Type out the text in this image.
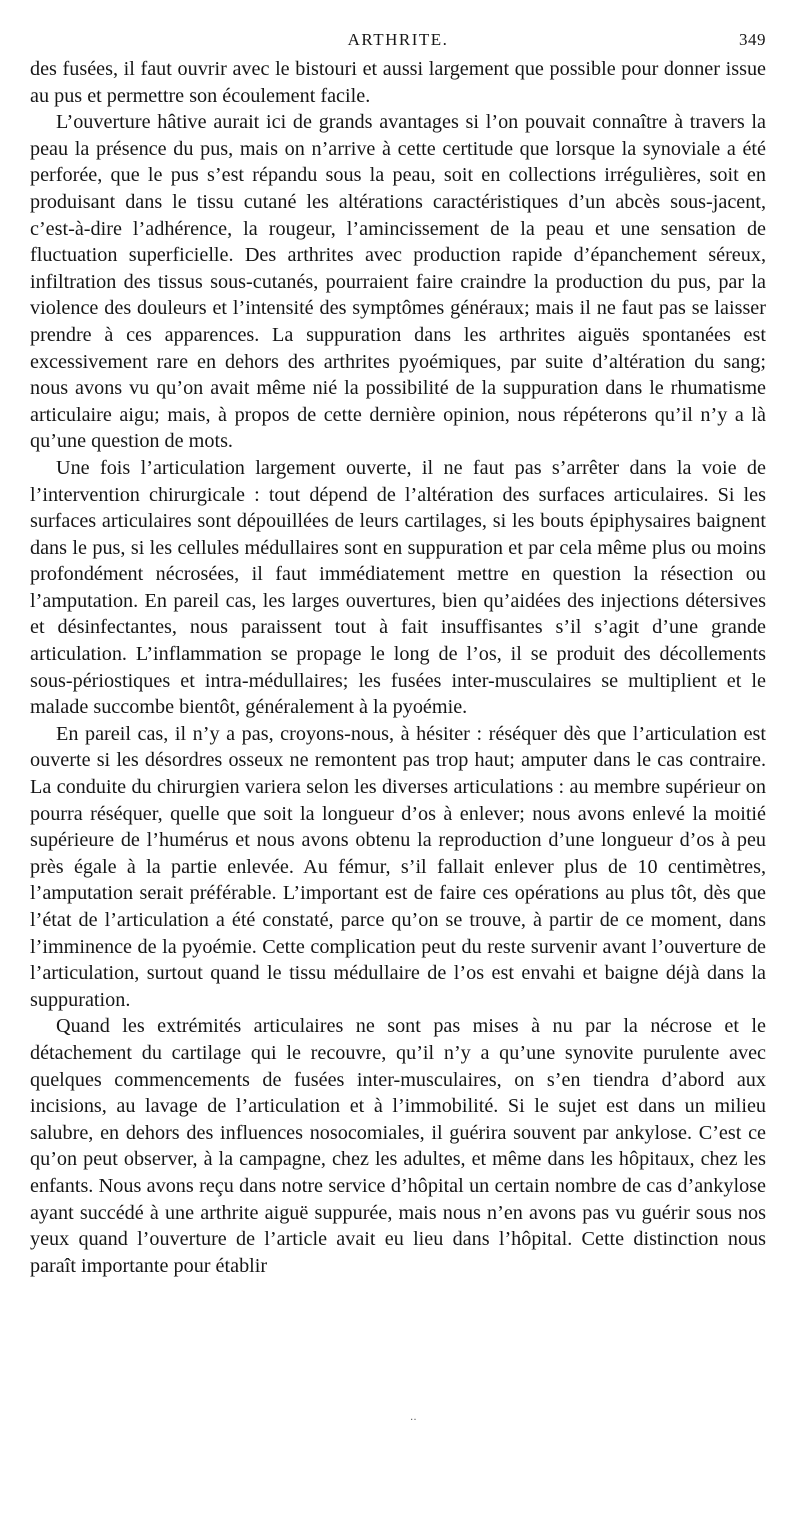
ARTHRITE.	349

des fusées, il faut ouvrir avec le bistouri et aussi largement que possible pour donner issue au pus et permettre son écoulement facile.

L’ouverture hâtive aurait ici de grands avantages si l’on pouvait connaître à travers la peau la présence du pus, mais on n’arrive à cette certitude que lorsque la synoviale a été perforée, que le pus s’est répandu sous la peau, soit en collections irrégulières, soit en produisant dans le tissu cutané les altérations caractéristiques d’un abcès sous-jacent, c’est-à-dire l’adhérence, la rougeur, l’amincissement de la peau et une sensation de fluctuation superficielle. Des arthrites avec production rapide d’épanchement séreux, infiltration des tissus sous-cutanés, pourraient faire craindre la production du pus, par la violence des douleurs et l’intensité des symptômes généraux; mais il ne faut pas se laisser prendre à ces apparences. La suppuration dans les arthrites aiguës spontanées est excessivement rare en dehors des arthrites pyoémiques, par suite d’altération du sang; nous avons vu qu’on avait même nié la possibilité de la suppuration dans le rhumatisme articulaire aigu; mais, à propos de cette dernière opinion, nous répéterons qu’il n’y a là qu’une question de mots.

Une fois l’articulation largement ouverte, il ne faut pas s’arrêter dans la voie de l’intervention chirurgicale : tout dépend de l’altération des surfaces articulaires. Si les surfaces articulaires sont dépouillées de leurs cartilages, si les bouts épiphysaires baignent dans le pus, si les cellules médullaires sont en suppuration et par cela même plus ou moins profondément nécrosées, il faut immédiatement mettre en question la résection ou l’amputation. En pareil cas, les larges ouvertures, bien qu’aidées des injections détersives et désinfectantes, nous paraissent tout à fait insuffisantes s’il s’agit d’une grande articulation. L’inflammation se propage le long de l’os, il se produit des décollements sous-périostiques et intra-médullaires; les fusées inter-musculaires se multiplient et le malade succombe bientôt, généralement à la pyoémie.

En pareil cas, il n’y a pas, croyons-nous, à hésiter : réséquer dès que l’articulation est ouverte si les désordres osseux ne remontent pas trop haut; amputer dans le cas contraire. La conduite du chirurgien variera selon les diverses articulations : au membre supérieur on pourra réséquer, quelle que soit la longueur d’os à enlever; nous avons enlevé la moitié supérieure de l’humérus et nous avons obtenu la reproduction d’une longueur d’os à peu près égale à la partie enlevée. Au fémur, s’il fallait enlever plus de 10 centimètres, l’amputation serait préférable. L’important est de faire ces opérations au plus tôt, dès que l’état de l’articulation a été constaté, parce qu’on se trouve, à partir de ce moment, dans l’imminence de la pyoémie. Cette complication peut du reste survenir avant l’ouverture de l’articulation, surtout quand le tissu médullaire de l’os est envahi et baigne déjà dans la suppuration.

Quand les extrémités articulaires ne sont pas mises à nu par la nécrose et le détachement du cartilage qui le recouvre, qu’il n’y a qu’une synovite purulente avec quelques commencements de fusées inter-musculaires, on s’en tiendra d’abord aux incisions, au lavage de l’articulation et à l’immobilité. Si le sujet est dans un milieu salubre, en dehors des influences nosocomiales, il guérira souvent par ankylose. C’est ce qu’on peut observer, à la campagne, chez les adultes, et même dans les hôpitaux, chez les enfants. Nous avons reçu dans notre service d’hôpital un certain nombre de cas d’ankylose ayant succédé à une arthrite aiguë suppurée, mais nous n’en avons pas vu guérir sous nos yeux quand l’ouverture de l’article avait eu lieu dans l’hôpital. Cette distinction nous paraît importante pour établir

‥
